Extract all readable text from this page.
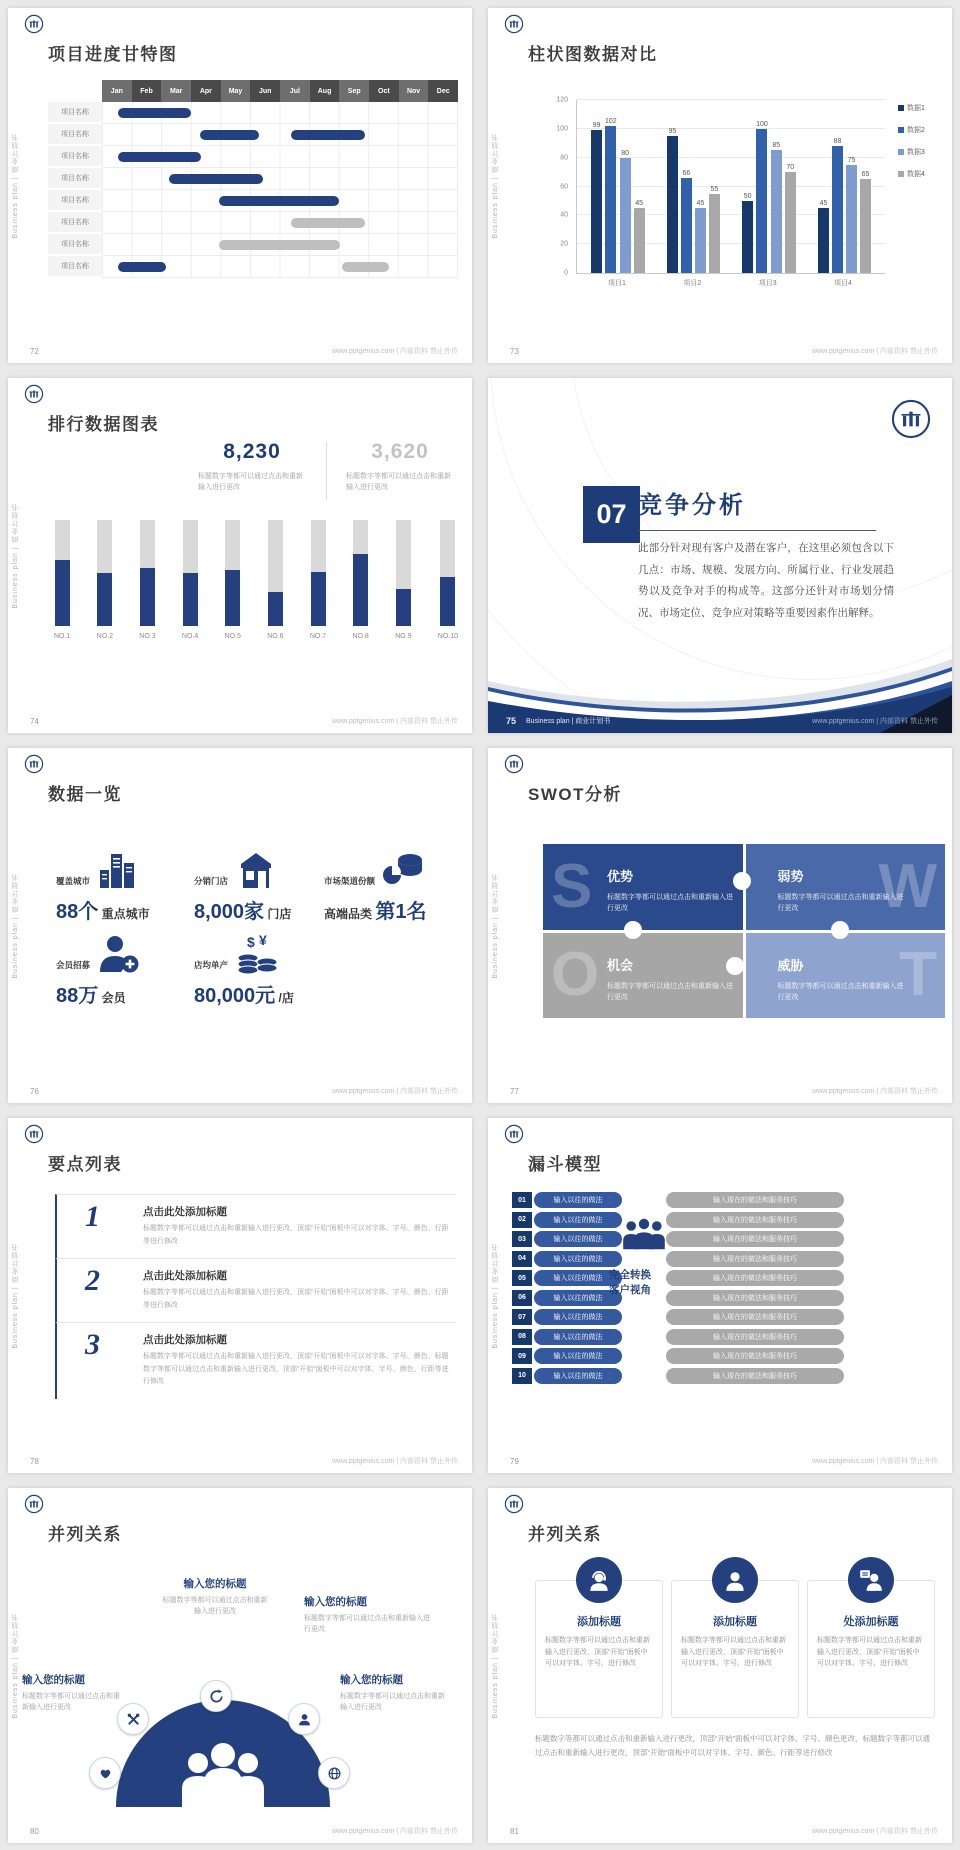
Business plan | 商业计划书
项目进度甘特图
Jan	Feb	Mar	Apr	May	Jun	Jul	Aug	Sep	Oct	Nov	Dec
项目名称
项目名称
项目名称
项目名称
项目名称
项目名称
项目名称
项目名称
72	www.pptgenius.com | 内部资料 禁止外传
Business plan | 商业计划书
柱状图数据对比
0
20
40
60
80
100
120
99
102
80
45
95
66
45
55
50
100
85
70
45
88
75
65
项目1	项目2	项目3	项目4
数据1
数据2
数据3
数据4
73	www.pptgenius.com | 内部资料 禁止外传
Business plan | 商业计划书
排行数据图表
8,230
标题数字等都可以通过点击和重新输入进行更改
3,620
标题数字等都可以通过点击和重新输入进行更改
NO.1	NO.2	NO.3	NO.4	NO.5	NO.6	NO.7	NO.8	NO.9	NO.10
74	www.pptgenius.com | 内部资料 禁止外传
07 竞争分析
此部分针对现有客户及潜在客户，在这里必须包含以下几点：市场、规模、发展方向、所属行业、行业发展趋势以及竞争对手的构成等。这部分还针对市场划分情况、市场定位、竞争应对策略等重要因素作出解释。
75 Business plan | 商业计划书	www.pptgenius.com | 内部资料 禁止外传
Business plan | 商业计划书
数据一览
覆盖城市
88个 重点城市
分销门店
8,000家 门店
市场渠道份额
高端品类 第1名
会员招募
88万 会员
店均单产
$ ¥
80,000元 /店
76	www.pptgenius.com | 内部资料 禁止外传
Business plan | 商业计划书
SWOT分析
S 优势
标题数字等都可以通过点击和重新输入进行更改	W
弱势
标题数字等都可以通过点击和重新输入进行更改
O 机会
标题数字等都可以通过点击和重新输入进行更改	T
威胁
标题数字等都可以通过点击和重新输入进行更改
77	www.pptgenius.com | 内部资料 禁止外传
Business plan | 商业计划书
要点列表
1	点击此处添加标题

标题数字等都可以通过点击和重新输入进行更改，顶部“开始”面板中可以对字体、字号、颜色、行距等进行修改

2	点击此处添加标题

标题数字等都可以通过点击和重新输入进行更改，顶部“开始”面板中可以对字体、字号、颜色、行距等进行修改

3	点击此处添加标题

标题数字等都可以通过点击和重新输入进行更改，顶部“开始”面板中可以对字体、字号、颜色、标题数字等都可以通过点击和重新输入进行更改，顶部“开始”面板中可以对字体、字号、颜色、行距等进行修改

78	www.pptgenius.com | 内部资料 禁止外传
Business plan | 商业计划书
漏斗模型
01	输入以往的做法
02	输入以往的做法
03	输入以往的做法
04	输入以往的做法
05	输入以往的做法
06	输入以往的做法
07	输入以往的做法
08	输入以往的做法
09	输入以往的做法
10	输入以往的做法
输入现在的做法和服务技巧
输入现在的做法和服务技巧
输入现在的做法和服务技巧
输入现在的做法和服务技巧
输入现在的做法和服务技巧
输入现在的做法和服务技巧
输入现在的做法和服务技巧
输入现在的做法和服务技巧
输入现在的做法和服务技巧
输入现在的做法和服务技巧
完全转换
客户视角
79	www.pptgenius.com | 内部资料 禁止外传
Business plan | 商业计划书
并列关系

输入您的标题

标题数字等都可以通过点击和重新输入进行更改

输入您的标题

标题数字等都可以通过点击和重新输入进行更改

输入您的标题

标题数字等都可以通过点击和重新输入进行更改

输入您的标题

标题数字等都可以通过点击和重新输入进行更改

80	www.pptgenius.com | 内部资料 禁止外传
Business plan | 商业计划书
并列关系
添加标题
标题数字等都可以通过点击和重新输入进行更改，顶部“开始”面板中可以对字体、字号，进行修改
添加标题
标题数字等都可以通过点击和重新输入进行更改，顶部“开始”面板中可以对字体、字号，进行修改
处添加标题
标题数字等都可以通过点击和重新输入进行更改，顶部“开始”面板中可以对字体、字号、进行修改
标题数字等都可以通过点击和重新输入进行更改，顶部“开始”面板中可以对字体、字号、颜色更改，标题数字等都可以通过点击和重新输入进行更改，顶部“开始”面板中可以对字体、字号、颜色、行距等进行修改
81	www.pptgenius.com | 内部资料 禁止外传
